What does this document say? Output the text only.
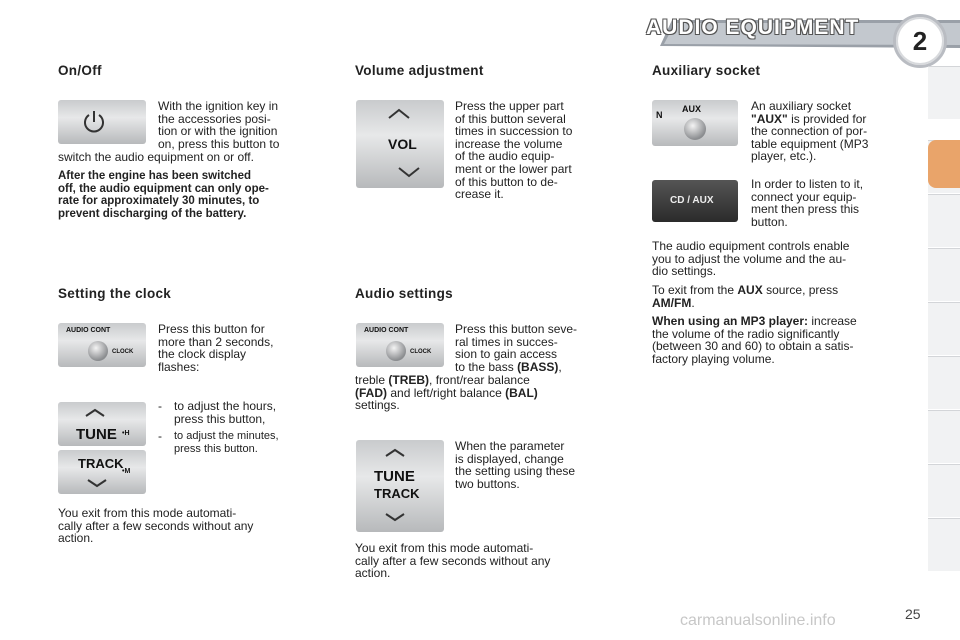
AUDIO EQUIPMENT	2
On/Off
With the ignition key in
the accessories posi-
tion or with the ignition
on, press this button to
switch the audio equipment on or off.
After the engine has been switched
off, the audio equipment can only ope-
rate for approximately 30 minutes, to
prevent discharging of the battery.
Volume adjustment
VOL
Press the upper part
of this button several
times in succession to
increase the volume
of the audio equip-
ment or the lower part
of this button to de-
crease it.
Auxiliary socket
AUX
N
An auxiliary socket
"AUX" is provided for
the connection of por-
table equipment (MP3
player, etc.).
CD / AUX
In order to listen to it,
connect your equip-
ment then press this
button.
The audio equipment controls enable
you to adjust the volume and the au-
dio settings.
To exit from the AUX source, press
AM/FM.
When using an MP3 player: increase
the volume of the radio significantly
(between 30 and 60) to obtain a satis-
factory playing volume.
Setting the clock
AUDIO CONT
CLOCK
Press this button for
more than 2 seconds,
the clock display
flashes:
TUNE •H
TRACK
•M
- to adjust the hours,
press this button,
- to adjust the minutes,
press this button.
You exit from this mode automati-
cally after a few seconds without any
action.
Audio settings
AUDIO CONT
CLOCK
Press this button seve-
ral times in succes-
sion to gain access
to the bass (BASS),
treble (TREB), front/rear balance
(FAD) and left/right balance (BAL)
settings.
TUNE
TRACK
When the parameter
is displayed, change
the setting using these
two buttons.
You exit from this mode automati-
cally after a few seconds without any
action.
carmanualsonline.info	25
